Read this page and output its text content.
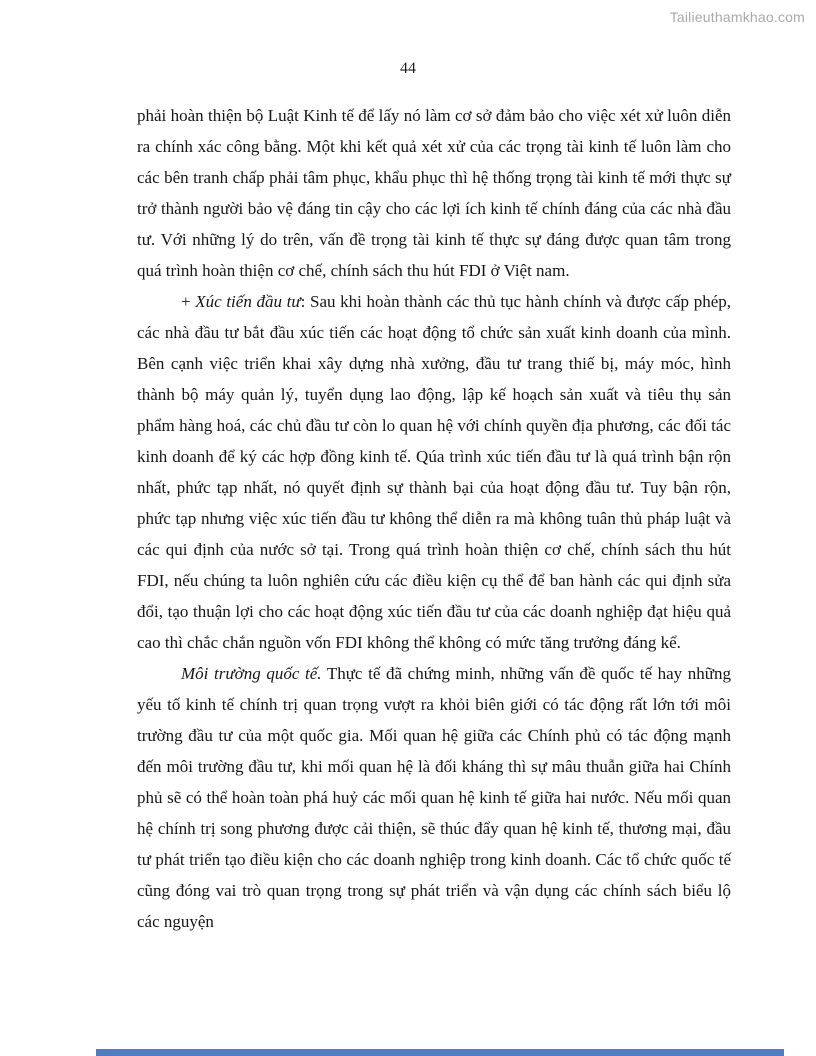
Tailieuthamkhao.com
44

phải hoàn thiện bộ Luật Kinh tế để lấy nó làm cơ sở đảm bảo cho việc xét xử luôn diễn ra chính xác công bằng. Một khi kết quả xét xử của các trọng tài kinh tế luôn làm cho các bên tranh chấp phải tâm phục, khẩu phục thì hệ thống trọng tài kinh tế mới thực sự trở thành người bảo vệ đáng tin cậy cho các lợi ích kinh tế chính đáng của các nhà đầu tư. Với những lý do trên, vấn đề trọng tài kinh tế thực sự đáng được quan tâm trong quá trình hoàn thiện cơ chế, chính sách thu hút FDI ở Việt nam.

+ Xúc tiến đầu tư: Sau khi hoàn thành các thủ tục hành chính và được cấp phép, các nhà đầu tư bắt đầu xúc tiến các hoạt động tổ chức sản xuất kinh doanh của mình. Bên cạnh việc triển khai xây dựng nhà xưởng, đầu tư trang thiế bị, máy móc, hình thành bộ máy quản lý, tuyển dụng lao động, lập kế hoạch sản xuất và tiêu thụ sản phẩm hàng hoá, các chủ đầu tư còn lo quan hệ với chính quyền địa phương, các đối tác kinh doanh để ký các hợp đồng kinh tế. Qúa trình xúc tiến đầu tư là quá trình bận rộn nhất, phức tạp nhất, nó quyết định sự thành bại của hoạt động đầu tư. Tuy bận rộn, phức tạp nhưng việc xúc tiến đầu tư không thể diễn ra mà không tuân thủ pháp luật và các qui định của nước sở tại. Trong quá trình hoàn thiện cơ chế, chính sách thu hút FDI, nếu chúng ta luôn nghiên cứu các điều kiện cụ thể để ban hành các qui định sửa đổi, tạo thuận lợi cho các hoạt động xúc tiến đầu tư của các doanh nghiệp đạt hiệu quả cao thì chắc chắn nguồn vốn FDI không thể không có mức tăng trưởng đáng kể.

Môi trường quốc tế. Thực tế đã chứng minh, những vấn đề quốc tế hay những yếu tố kinh tế chính trị quan trọng vượt ra khỏi biên giới có tác động rất lớn tới môi trường đầu tư của một quốc gia. Mối quan hệ giữa các Chính phủ có tác động mạnh đến môi trường đầu tư, khi mối quan hệ là đối kháng thì sự mâu thuẫn giữa hai Chính phủ sẽ có thể hoàn toàn phá huỷ các mối quan hệ kinh tế giữa hai nước. Nếu mối quan hệ chính trị song phương được cải thiện, sẽ thúc đẩy quan hệ kinh tế, thương mại, đầu tư phát triển tạo điều kiện cho các doanh nghiệp trong kinh doanh. Các tổ chức quốc tế cũng đóng vai trò quan trọng trong sự phát triển và vận dụng các chính sách biểu lộ các nguyện
